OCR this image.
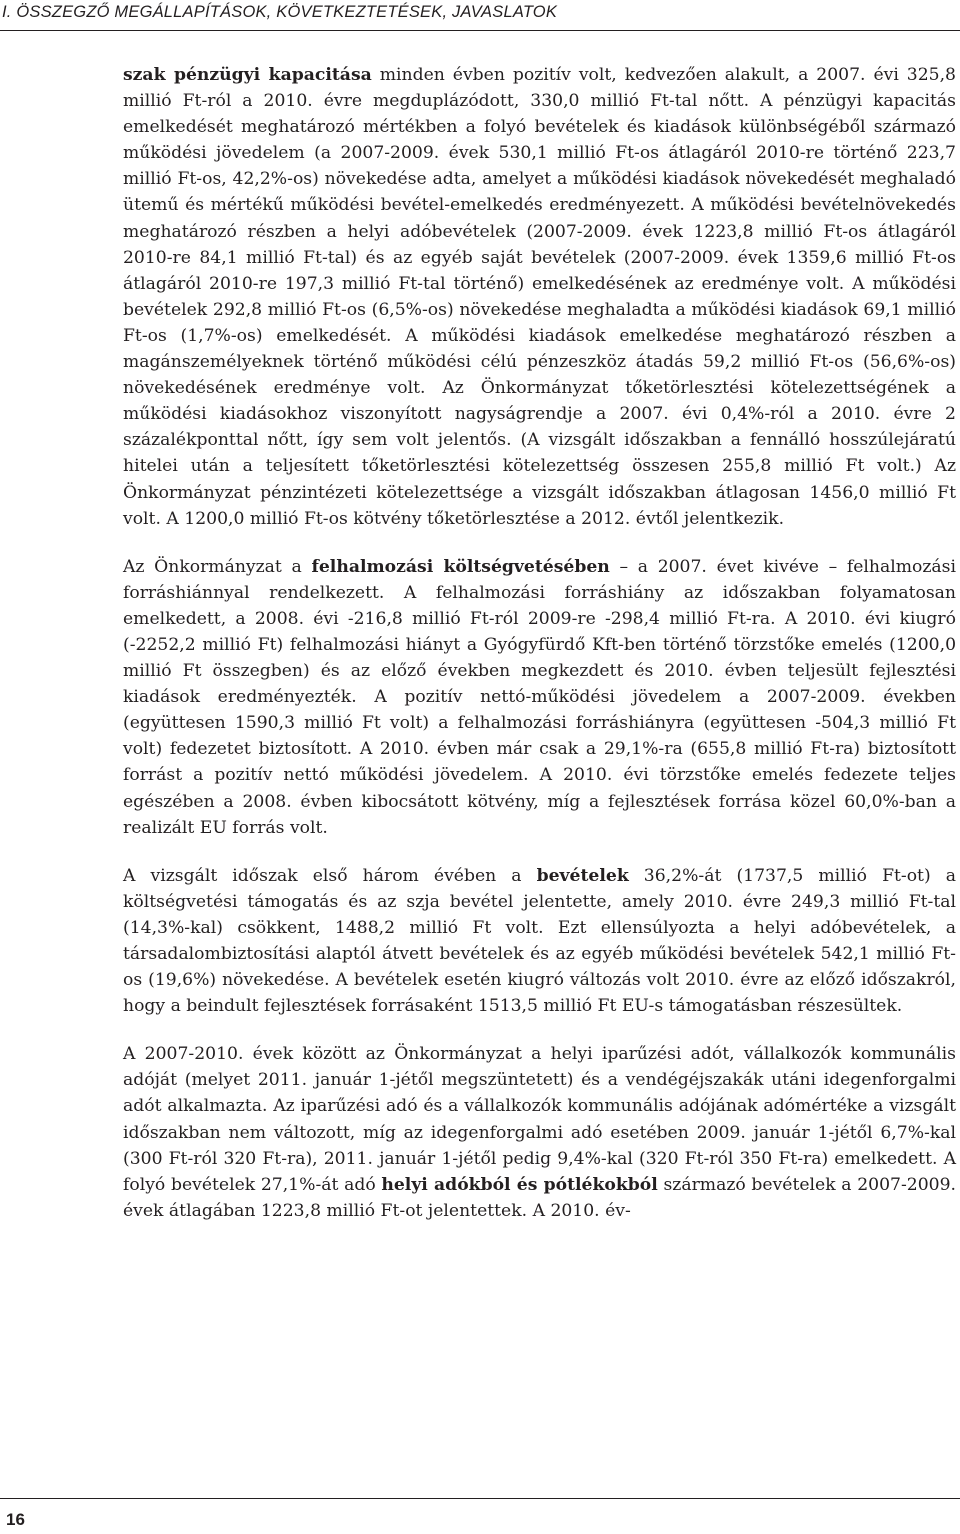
I. ÖSSZEGZŐ MEGÁLLAPÍTÁSOK, KÖVETKEZTETÉSEK, JAVASLATOK

szak pénzügyi kapacitása minden évben pozitív volt, kedvezően alakult, a 2007. évi 325,8 millió Ft-ról a 2010. évre megduplázódott, 330,0 millió Ft-tal nőtt. A pénzügyi kapacitás emelkedését meghatározó mértékben a folyó bevételek és kiadások különbségéből származó működési jövedelem (a 2007-2009. évek 530,1 millió Ft-os átlagáról 2010-re történő 223,7 millió Ft-os, 42,2%-os) növekedése adta, amelyet a működési kiadások növekedését meghaladó ütemű és mértékű működési bevétel-emelkedés eredményezett. A működési bevételnövekedés meghatározó részben a helyi adóbevételek (2007-2009. évek 1223,8 millió Ft-os átlagáról 2010-re 84,1 millió Ft-tal) és az egyéb saját bevételek (2007-2009. évek 1359,6 millió Ft-os átlagáról 2010-re 197,3 millió Ft-tal történő) emelkedésének az eredménye volt. A működési bevételek 292,8 millió Ft-os (6,5%-os) növekedése meghaladta a működési kiadások 69,1 millió Ft-os (1,7%-os) emelkedését. A működési kiadások emelkedése meghatározó részben a magánszemélyeknek történő működési célú pénzeszköz átadás 59,2 millió Ft-os (56,6%-os) növekedésének eredménye volt. Az Önkormányzat tőketörlesztési kötelezettségének a működési kiadásokhoz viszonyított nagyságrendje a 2007. évi 0,4%-ról a 2010. évre 2 százalékponttal nőtt, így sem volt jelentős. (A vizsgált időszakban a fennálló hosszúlejáratú hitelei után a teljesített tőketörlesztési kötelezettség összesen 255,8 millió Ft volt.) Az Önkormányzat pénzintézeti kötelezettsége a vizsgált időszakban átlagosan 1456,0 millió Ft volt. A 1200,0 millió Ft-os kötvény tőketörlesztése a 2012. évtől jelentkezik.

Az Önkormányzat a felhalmozási költségvetésében – a 2007. évet kivéve – felhalmozási forráshiánnyal rendelkezett. A felhalmozási forráshiány az időszakban folyamatosan emelkedett, a 2008. évi -216,8 millió Ft-ról 2009-re -298,4 millió Ft-ra. A 2010. évi kiugró (-2252,2 millió Ft) felhalmozási hiányt a Gyógyfürdő Kft-ben történő törzstőke emelés (1200,0 millió Ft összegben) és az előző években megkezdett és 2010. évben teljesült fejlesztési kiadások eredményezték. A pozitív nettó-működési jövedelem a 2007-2009. években (együttesen 1590,3 millió Ft volt) a felhalmozási forráshiányra (együttesen -504,3 millió Ft volt) fedezetet biztosított. A 2010. évben már csak a 29,1%-ra (655,8 millió Ft-ra) biztosított forrást a pozitív nettó működési jövedelem. A 2010. évi törzstőke emelés fedezete teljes egészében a 2008. évben kibocsátott kötvény, míg a fejlesztések forrása közel 60,0%-ban a realizált EU forrás volt.

A vizsgált időszak első három évében a bevételek 36,2%-át (1737,5 millió Ft-ot) a költségvetési támogatás és az szja bevétel jelentette, amely 2010. évre 249,3 millió Ft-tal (14,3%-kal) csökkent, 1488,2 millió Ft volt. Ezt ellensúlyozta a helyi adóbevételek, a társadalombiztosítási alaptól átvett bevételek és az egyéb működési bevételek 542,1 millió Ft-os (19,6%) növekedése. A bevételek esetén kiugró változás volt 2010. évre az előző időszakról, hogy a beindult fejlesztések forrásaként 1513,5 millió Ft EU-s támogatásban részesültek.

A 2007-2010. évek között az Önkormányzat a helyi iparűzési adót, vállalkozók kommunális adóját (melyet 2011. január 1-jétől megszüntetett) és a vendégéjszakák utáni idegenforgalmi adót alkalmazta. Az iparűzési adó és a vállalkozók kommunális adójának adómértéke a vizsgált időszakban nem változott, míg az idegenforgalmi adó esetében 2009. január 1-jétől 6,7%-kal (300 Ft-ról 320 Ft-ra), 2011. január 1-jétől pedig 9,4%-kal (320 Ft-ról 350 Ft-ra) emelkedett. A folyó bevételek 27,1%-át adó helyi adókból és pótlékokból származó bevételek a 2007-2009. évek átlagában 1223,8 millió Ft-ot jelentettek. A 2010. év-

16
